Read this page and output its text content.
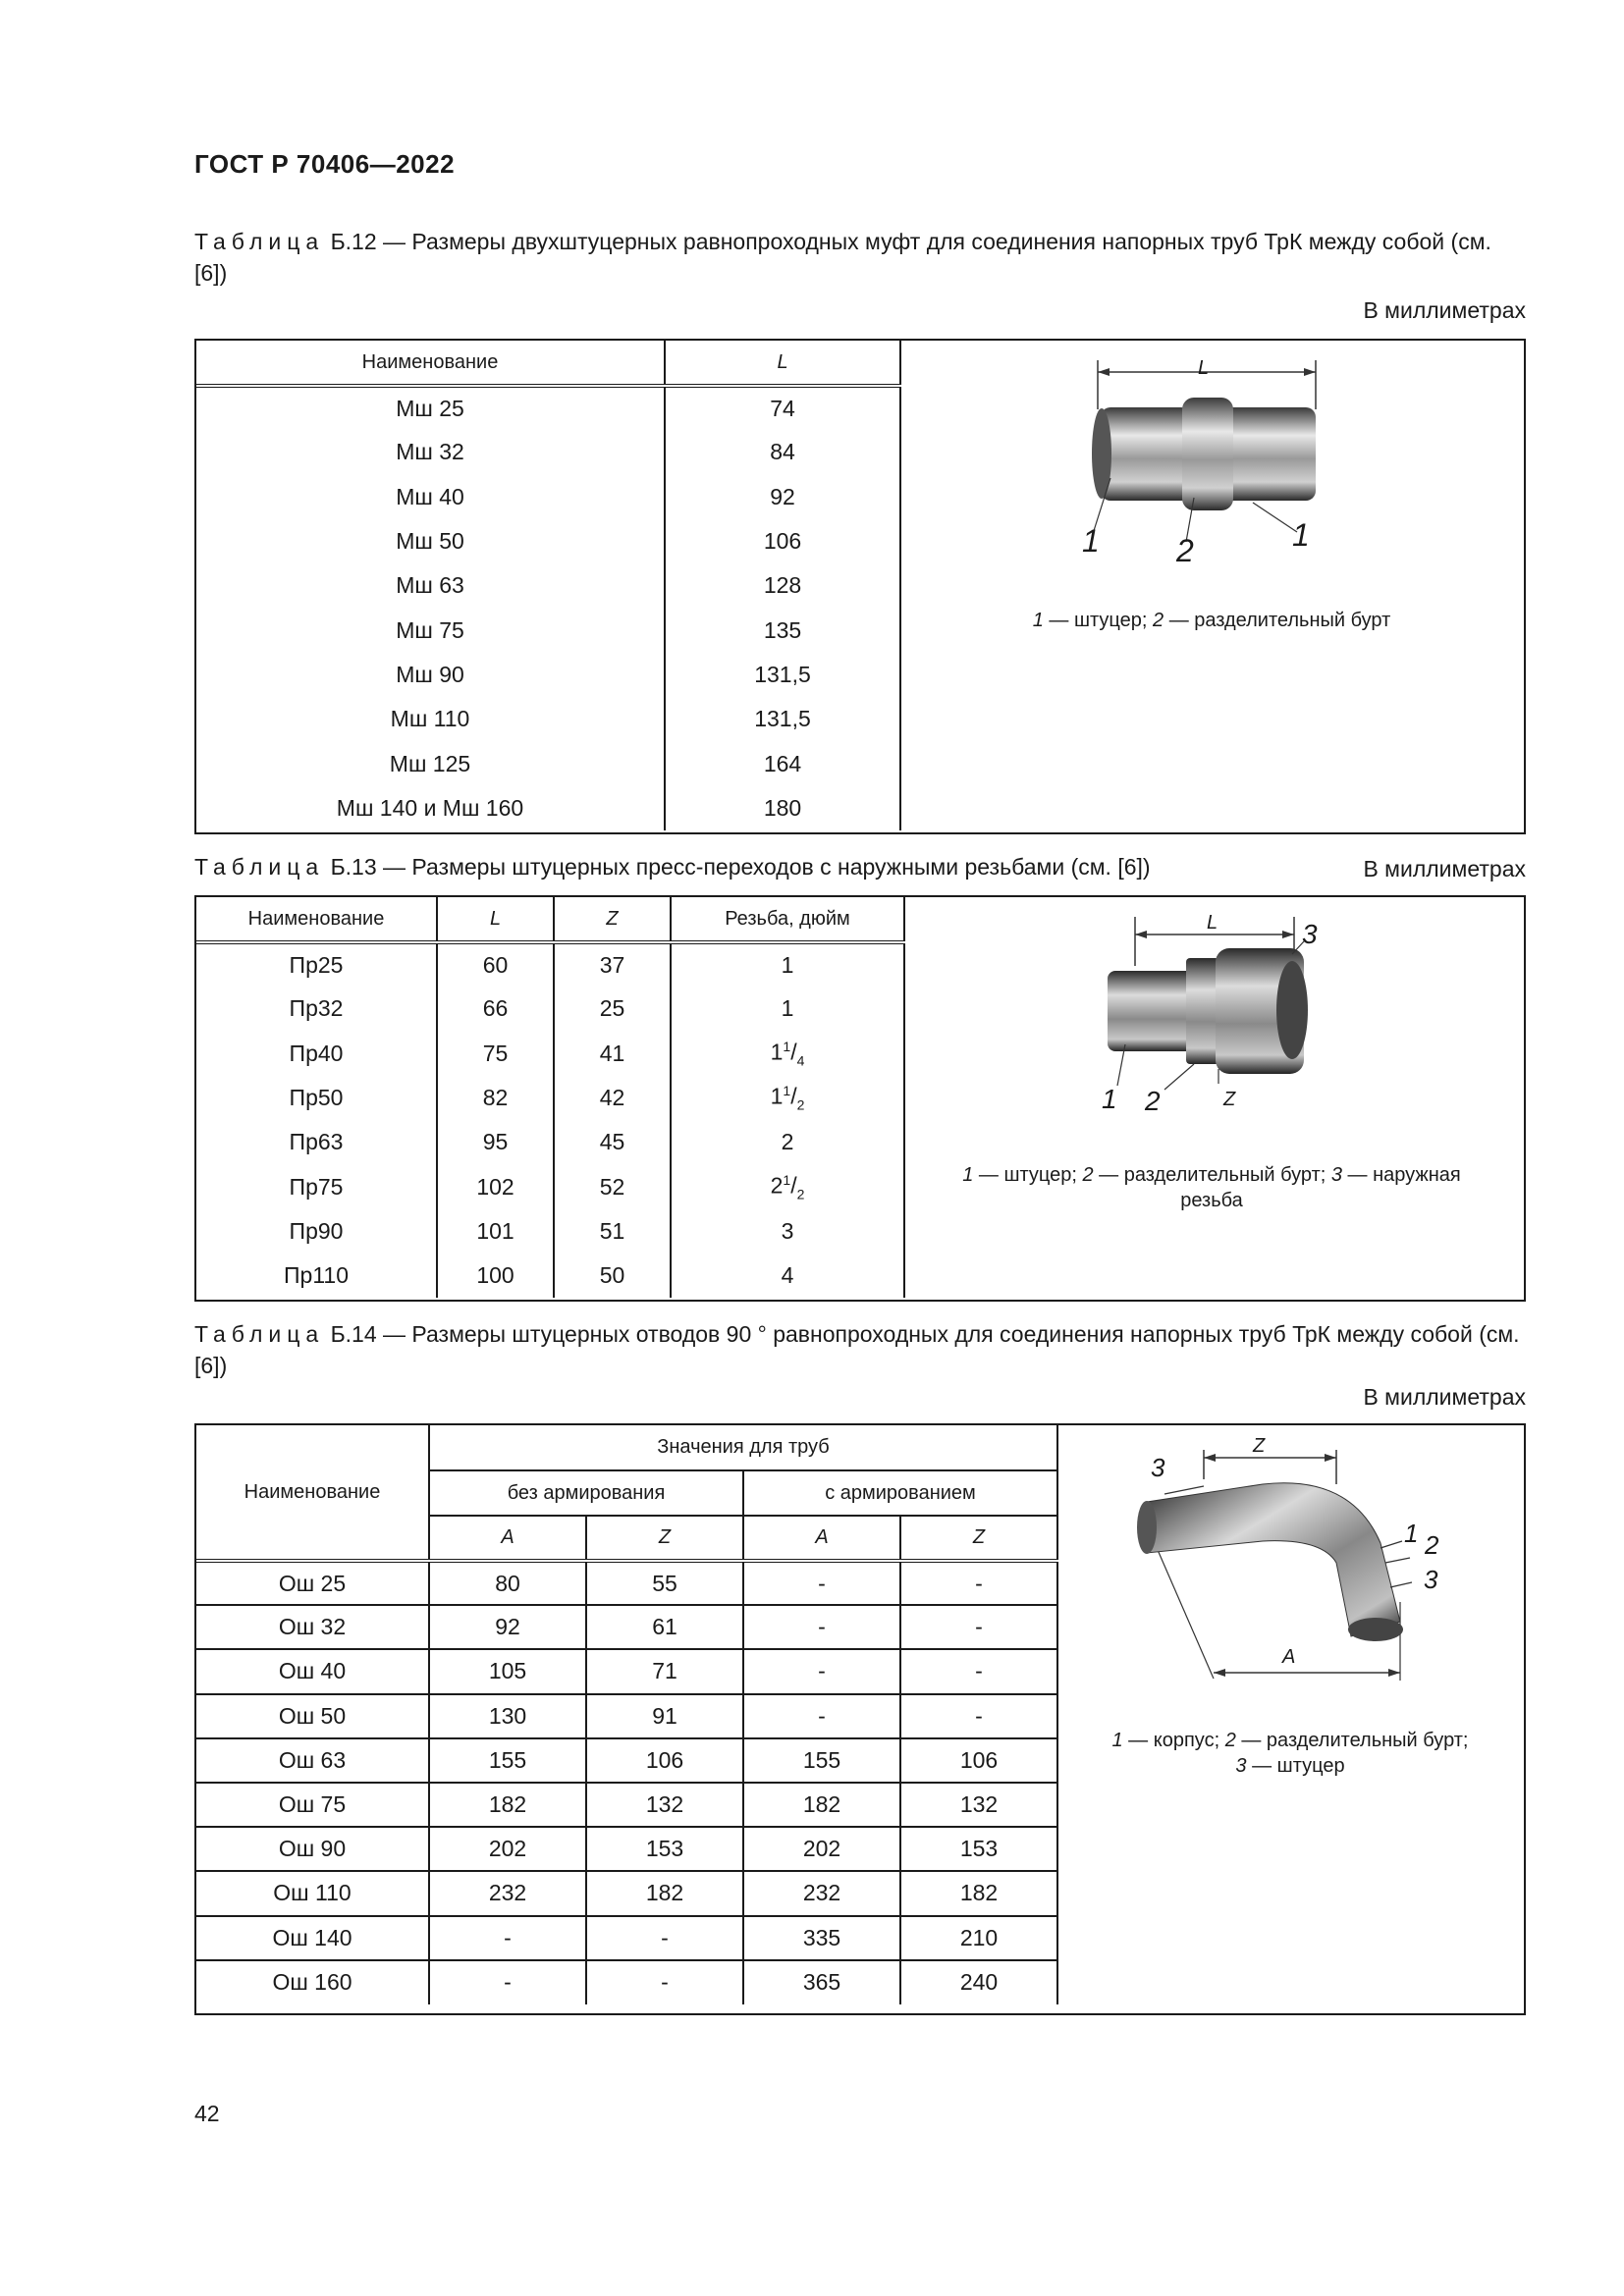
ГОСТ Р 70406—2022
Таблица Б.12 — Размеры двухштуцерных равнопроходных муфт для соединения напорных труб ТрК между собой (см. [6])
В миллиметрах
Наименование	L
Мш 25	74
Мш 32	84
Мш 40	92
Мш 50	106
Мш 63	128
Мш 75	135
Мш 90	131,5
Мш 110	131,5
Мш 125	164
Мш 140 и Мш 160	180
L
1 2	1
1 — штуцер; 2 — разделительный бурт
Таблица Б.13 — Размеры штуцерных пресс-переходов с наружными резьбами (см. [6])	В миллиметрах
Наименование	L	Z	Резьба, дюйм
Пр25	60	37	1
Пр32	66	25	1
Пр40	75	41	$1^1/_4$
Пр50	82	42	$1^1/_2$
Пр63	95	45	2
Пр75	102	52	$2^1/_2$
Пр90	101	51	3
Пр110	100	50	4
L
Z
1 2
3
1 — штуцер; 2 — разделительный бурт; 3 — наружная
резьба
Таблица Б.14 — Размеры штуцерных отводов 90 ° равнопроходных для соединения напорных труб ТрК между собой (см. [6])
В миллиметрах
Наименование	Значения для труб			
	без армирования		с армированием	
	A	Z	A	Z
Ош 25	80	55	-	-
Ош 32	92	61	-	-
Ош 40	105	71	-	-
Ош 50	130	91	-	-
Ош 63	155	106	155	106
Ош 75	182	132	182	132
Ош 90	202	153	202	153
Ош 110	232	182	232	182
Ош 140	-	-	335	210
Ош 160	-	-	365	240
Z
A
3
1 2
3
1 — корпус; 2 — разделительный бурт;
3 — штуцер
42
